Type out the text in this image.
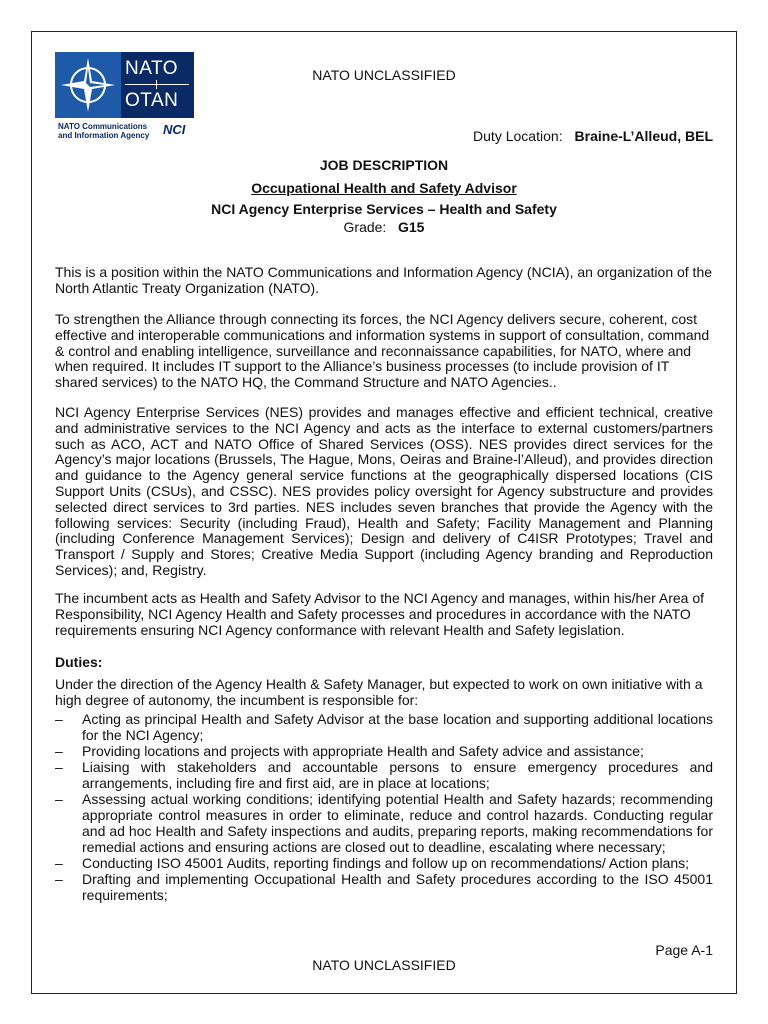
NATO
OTAN
NATO Communications
and Information Agency NCI
NATO UNCLASSIFIED
Duty Location: Braine-L’Alleud, BEL
JOB DESCRIPTION
Occupational Health and Safety Advisor
NCI Agency Enterprise Services – Health and Safety
Grade: G15

This is a position within the NATO Communications and Information Agency (NCIA), an organization of the North Atlantic Treaty Organization (NATO).

To strengthen the Alliance through connecting its forces, the NCI Agency delivers secure, coherent, cost effective and interoperable communications and information systems in support of consultation, command & control and enabling intelligence, surveillance and reconnaissance capabilities, for NATO, where and when required. It includes IT support to the Alliance’s business processes (to include provision of IT shared services) to the NATO HQ, the Command Structure and NATO Agencies..

NCI Agency Enterprise Services (NES) provides and manages effective and efficient technical, creative and administrative services to the NCI Agency and acts as the interface to external customers/partners such as ACO, ACT and NATO Office of Shared Services (OSS). NES provides direct services for the Agency’s major locations (Brussels, The Hague, Mons, Oeiras and Braine-l’Alleud), and provides direction and guidance to the Agency general service functions at the geographically dispersed locations (CIS Support Units (CSUs), and CSSC). NES provides policy oversight for Agency substructure and provides selected direct services to 3rd parties. NES includes seven branches that provide the Agency with the following services: Security (including Fraud), Health and Safety; Facility Management and Planning (including Conference Management Services); Design and delivery of C4ISR Prototypes; Travel and Transport / Supply and Stores; Creative Media Support (including Agency branding and Reproduction Services); and, Registry.

The incumbent acts as Health and Safety Advisor to the NCI Agency and manages, within his/her Area of Responsibility, NCI Agency Health and Safety processes and procedures in accordance with the NATO requirements ensuring NCI Agency conformance with relevant Health and Safety legislation.

Duties:

Under the direction of the Agency Health & Safety Manager, but expected to work on own initiative with a high degree of autonomy, the incumbent is responsible for:

– Acting as principal Health and Safety Advisor at the base location and supporting additional locations for the NCI Agency;
– Providing locations and projects with appropriate Health and Safety advice and assistance;
– Liaising with stakeholders and accountable persons to ensure emergency procedures and arrangements, including fire and first aid, are in place at locations;
– Assessing actual working conditions; identifying potential Health and Safety hazards; recommending appropriate control measures in order to eliminate, reduce and control hazards. Conducting regular and ad hoc Health and Safety inspections and audits, preparing reports, making recommendations for remedial actions and ensuring actions are closed out to deadline, escalating where necessary;
– Conducting ISO 45001 Audits, reporting findings and follow up on recommendations/ Action plans;
– Drafting and implementing Occupational Health and Safety procedures according to the ISO 45001 requirements;
Page A-1
NATO UNCLASSIFIED
